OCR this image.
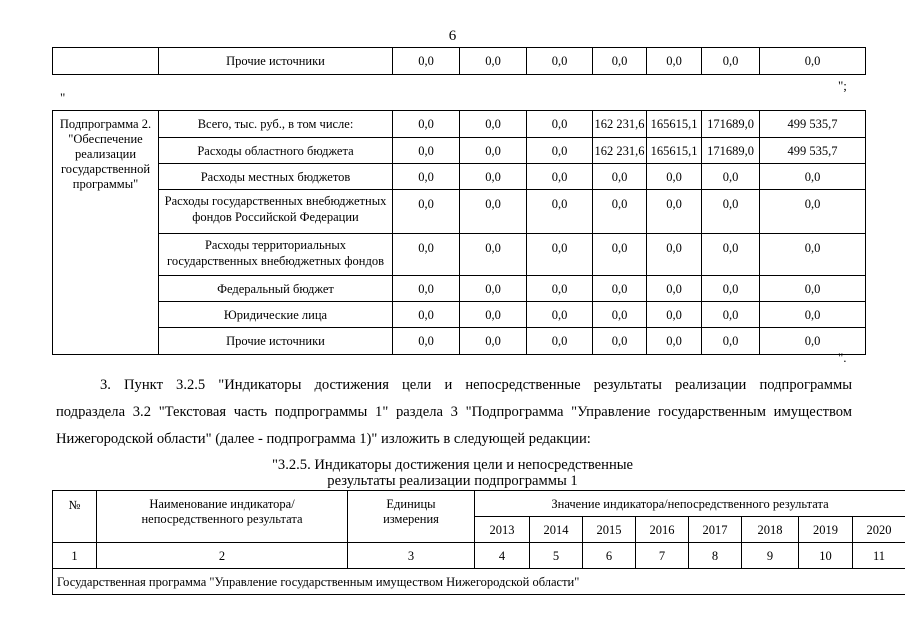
6
	Прочие источники	0,0	0,0	0,0	0,0	0,0	0,0	0,0
";
"
Подпрограмма 2. "Обеспечение реализации государственной программы"	Всего, тыс. руб., в том числе:	0,0	0,0	0,0	162 231,6	165615,1	171689,0	499 535,7
	Расходы областного бюджета	0,0	0,0	0,0	162 231,6	165615,1	171689,0	499 535,7
	Расходы местных бюджетов	0,0	0,0	0,0	0,0	0,0	0,0	0,0
	Расходы государственных внебюджетных фондов Российской Федерации	0,0	0,0	0,0	0,0	0,0	0,0	0,0
	Расходы территориальных государственных внебюджетных фондов	0,0	0,0	0,0	0,0	0,0	0,0	0,0
	Федеральный бюджет	0,0	0,0	0,0	0,0	0,0	0,0	0,0
	Юридические лица	0,0	0,0	0,0	0,0	0,0	0,0	0,0
	Прочие источники	0,0	0,0	0,0	0,0	0,0	0,0	0,0
".
3. Пункт 3.2.5 "Индикаторы достижения цели и непосредственные результаты реализации подпрограммы
подраздела 3.2 "Текстовая часть подпрограммы 1" раздела 3 "Подпрограмма "Управление государственным имуществом
Нижегородской области" (далее - подпрограмма 1)" изложить в следующей редакции:
"3.2.5. Индикаторы достижения цели и непосредственные
результаты реализации подпрограммы 1
№	Наименование индикатора/непосредственного результата	Единицы измерения	Значение индикатора/непосредственного результата							
			2013	2014	2015	2016	2017	2018	2019	2020
1	2	3	4	5	6	7	8	9	10	11
Государственная программа "Управление государственным имуществом Нижегородской области"										
